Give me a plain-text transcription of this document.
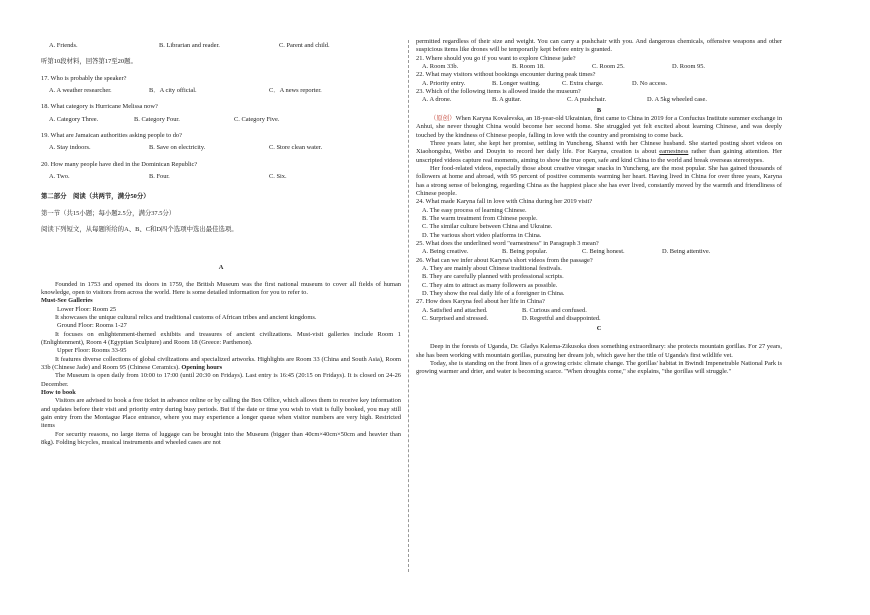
A. Friends.	B. Librarian and reader.	C. Parent and child.

听第10段材料，回答第17至20题。

17. Who is probably the speaker?

A. A weather researcher.	B．A city official.	C．A news reporter.

18. What category is Hurricane Melissa now?

A. Category Three.	B. Category Four.	C. Category Five.

19. What are Jamaican authorities asking people to do?

A. Stay indoors.	B. Save on electricity.	C. Store clean water.

20. How many people have died in the Dominican Republic?

A. Two.	B. Four.	C. Six.

第二部分　阅读（共两节，满分50分）

第一节（共15小题；每小题2.5分，满分37.5分）

阅读下列短文，从每题所给的A、B、C和D四个选项中选出最佳选项。

A

Founded in 1753 and opened its doors in 1759, the British Museum was the first national museum to cover all fields of human knowledge, open to visitors from across the world. Here is some detailed information for you to refer to.

Must-See Galleries

Lower Floor: Room 25

It showcases the unique cultural relics and traditional customs of African tribes and ancient kingdoms.

Ground Floor: Rooms 1-27

It focuses on enlightenment-themed exhibits and treasures of ancient civilizations. Must-visit galleries include Room 1 (Enlightenment), Room 4 (Egyptian Sculpture) and Room 18 (Greece: Parthenon).

Upper Floor: Rooms 33-95

It features diverse collections of global civilizations and specialized artworks. Highlights are Room 33 (China and South Asia), Room 33b (Chinese Jade) and Room 95 (Chinese Ceramics). Opening hours

The Museum is open daily from 10:00 to 17:00 (until 20:30 on Fridays). Last entry is 16:45 (20:15 on Fridays). It is closed on 24-26 December.

How to book

Visitors are advised to book a free ticket in advance online or by calling the Box Office, which allows them to receive key information and updates before their visit and priority entry during busy periods. But if the date or time you wish to visit is fully booked, you may still gain entry from the Montague Place entrance, where you may experience a longer queue when visitor numbers are very high. Restricted items

For security reasons, no large items of luggage can be brought into the Museum (bigger than 40cm×40cm×50cm and heavier than 8kg). Folding bicycles, musical instruments and wheeled cases are not

permitted regardless of their size and weight. You can carry a pushchair with you. And dangerous chemicals, offensive weapons and other suspicious items like drones will be temporarily kept before entry is granted.

21. Where should you go if you want to explore Chinese jade?

A. Room 33b.	B. Room 18.	C. Room 25.	D. Room 95.

22. What may visitors without bookings encounter during peak times?

A. Priority entry.	B. Longer waiting.	C. Extra charge.	D. No access.

23. Which of the following items is allowed inside the museum?

A. A drone.	B. A guitar.	C. A pushchair.	D. A 5kg wheeled case.

B

（原创）When Karyna Kovalevska, an 18-year-old Ukrainian, first came to China in 2019 for a Confucius Institute summer exchange in Anhui, she never thought China would become her second home. She struggled yet felt excited about learning Chinese, and was deeply touched by the kindness of Chinese people, falling in love with the country and promising to come back.

Three years later, she kept her promise, settling in Yuncheng, Shanxi with her Chinese husband. She started posting short videos on Xiaohongshu, Weibo and Douyin to record her daily life. For Karyna, creation is about earnestness rather than gaining attention. Her unscripted videos capture real moments, aiming to show the true open, safe and kind China to the world and break overseas stereotypes.

Her food-related videos, especially those about creative vinegar snacks in Yuncheng, are the most popular. She has gained thousands of followers at home and abroad, with 95 percent of positive comments warming her heart. Having lived in China for over three years, Karyna has a strong sense of belonging, regarding China as the happiest place she has ever lived, constantly moved by the warmth and friendliness of Chinese people.

24. What made Karyna fall in love with China during her 2019 visit?

A. The easy process of learning Chinese.

B. The warm treatment from Chinese people.

C. The similar culture between China and Ukraine.

D. The various short video platforms in China.

25. What does the underlined word "earnestness" in Paragraph 3 mean?

A. Being creative.	B. Being popular.	C. Being honest.	D. Being attentive.

26. What can we infer about Karyna's short videos from the passage?

A. They are mainly about Chinese traditional festivals.

B. They are carefully planned with professional scripts.

C. They aim to attract as many followers as possible.

D. They show the real daily life of a foreigner in China.

27. How does Karyna feel about her life in China?

A. Satisfied and attached.	B. Curious and confused.
C. Surprised and stressed.	D. Regretful and disappointed.

C

Deep in the forests of Uganda, Dr. Gladys Kalema-Zikusoka does something extraordinary: she protects mountain gorillas. For 27 years, she has been working with mountain gorillas, pursuing her dream job, which gave her the title of Uganda's first wildlife vet.

Today, she is standing on the front lines of a growing crisis: climate change. The gorillas' habitat in Bwindi Impenetrable National Park is growing warmer and drier, and water is becoming scarce. "When droughts come," she explains, "the gorillas will struggle."
